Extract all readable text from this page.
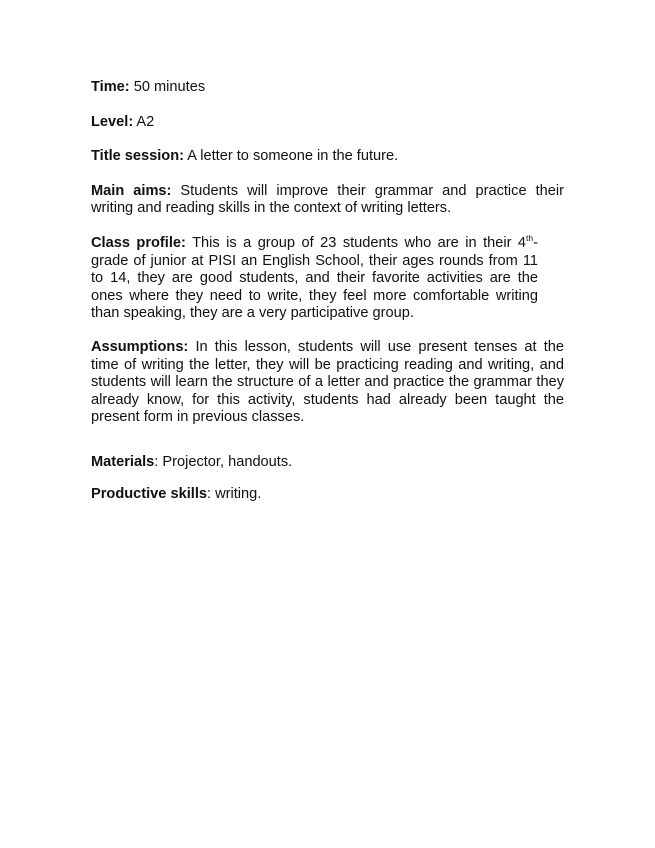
Time: 50 minutes

Level: A2

Title session: A letter to someone in the future.

Main aims: Students will improve their grammar and practice their writing and reading skills in the context of writing letters.

Class profile: This is a group of 23 students who are in their 4th- grade of junior at PISI an English School, their ages rounds from 11 to 14, they are good students, and their favorite activities are the ones where they need to write, they feel more comfortable writing than speaking, they are a very participative group.

Assumptions: In this lesson, students will use present tenses at the time of writing the letter, they will be practicing reading and writing, and students will learn the structure of a letter and practice the grammar they already know, for this activity, students had already been taught the present form in previous classes.

Materials: Projector, handouts.

Productive skills: writing.
